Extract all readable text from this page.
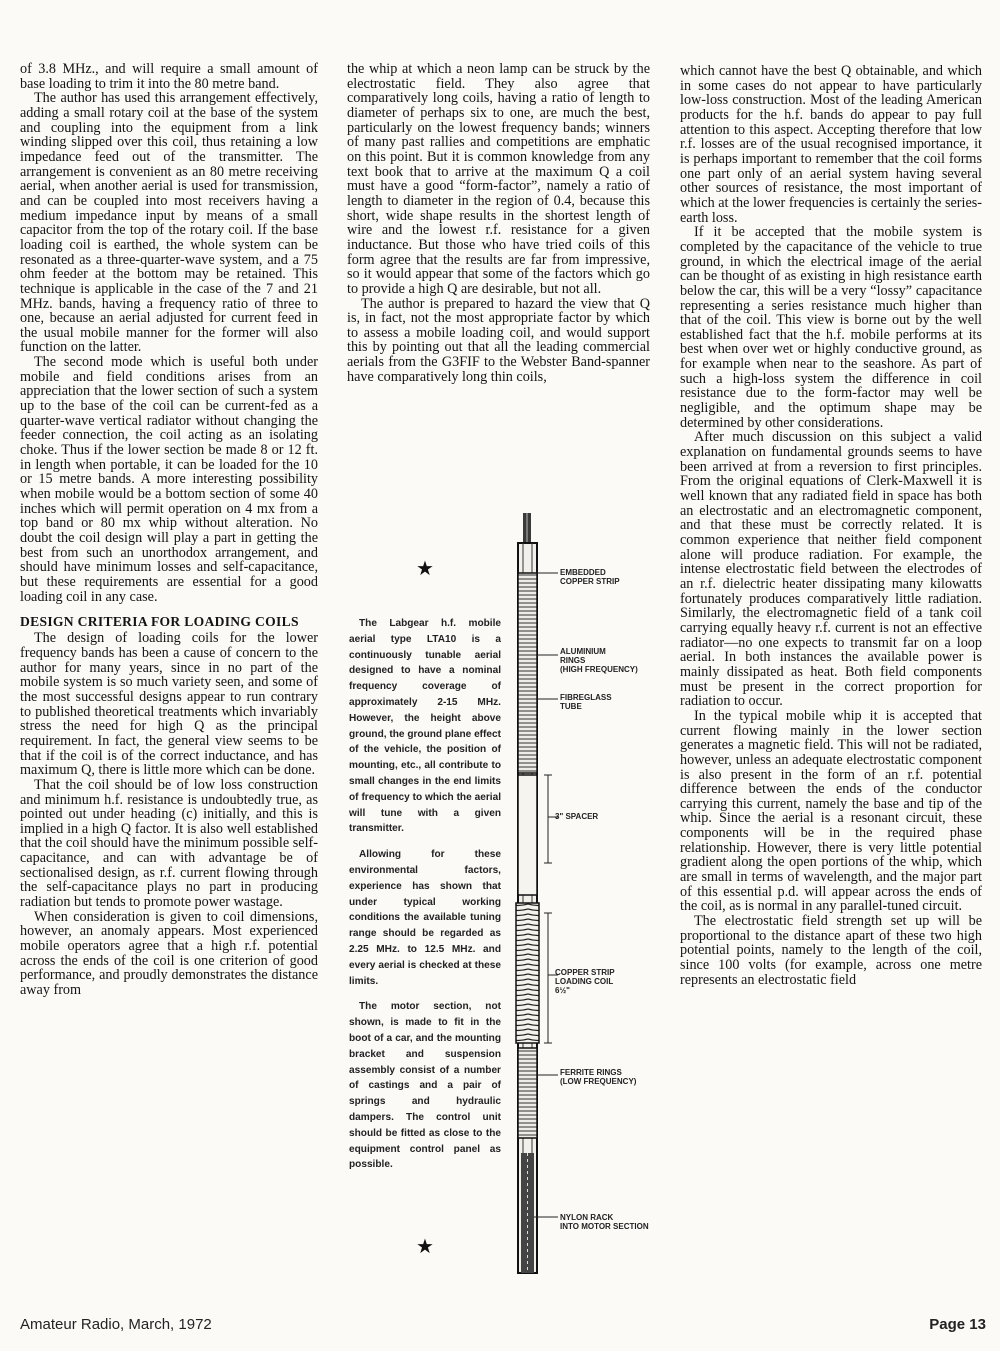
of 3.8 MHz., and will require a small amount of base loading to trim it into the 80 metre band.

The author has used this arrangement effectively, adding a small rotary coil at the base of the system and coupling into the equipment from a link winding slipped over this coil, thus retaining a low impedance feed out of the transmitter. The arrangement is convenient as an 80 metre receiving aerial, when another aerial is used for transmission, and can be coupled into most receivers having a medium impedance input by means of a small capacitor from the top of the rotary coil. If the base loading coil is earthed, the whole system can be resonated as a three-quarter-wave system, and a 75 ohm feeder at the bottom may be retained. This technique is applicable in the case of the 7 and 21 MHz. bands, having a frequency ratio of three to one, because an aerial adjusted for current feed in the usual mobile manner for the former will also function on the latter.

The second mode which is useful both under mobile and field conditions arises from an appreciation that the lower section of such a system up to the base of the coil can be current-fed as a quarter-wave vertical radiator without changing the feeder connection, the coil acting as an isolating choke. Thus if the lower section be made 8 or 12 ft. in length when portable, it can be loaded for the 10 or 15 metre bands. A more interesting possibility when mobile would be a bottom section of some 40 inches which will permit operation on 4 mx from a top band or 80 mx whip without alteration. No doubt the coil design will play a part in getting the best from such an unorthodox arrangement, and should have minimum losses and self-capacitance, but these requirements are essential for a good loading coil in any case.

DESIGN CRITERIA FOR LOADING COILS

The design of loading coils for the lower frequency bands has been a cause of concern to the author for many years, since in no part of the mobile system is so much variety seen, and some of the most successful designs appear to run contrary to published theoretical treatments which invariably stress the need for high Q as the principal requirement. In fact, the general view seems to be that if the coil is of the correct inductance, and has maximum Q, there is little more which can be done.

That the coil should be of low loss construction and minimum h.f. resistance is undoubtedly true, as pointed out under heading (c) initially, and this is implied in a high Q factor. It is also well established that the coil should have the minimum possible self-capacitance, and can with advantage be of sectionalised design, as r.f. current flowing through the self-capacitance plays no part in producing radiation but tends to promote power wastage.

When consideration is given to coil dimensions, however, an anomaly appears. Most experienced mobile operators agree that a high r.f. potential across the ends of the coil is one criterion of good performance, and proudly demonstrates the distance away from

the whip at which a neon lamp can be struck by the electrostatic field. They also agree that comparatively long coils, having a ratio of length to diameter of perhaps six to one, are much the best, particularly on the lowest frequency bands; winners of many past rallies and competitions are emphatic on this point. But it is common knowledge from any text book that to arrive at the maximum Q a coil must have a good “form-factor”, namely a ratio of length to diameter in the region of 0.4, because this short, wide shape results in the shortest length of wire and the lowest r.f. resistance for a given inductance. But those who have tried coils of this form agree that the results are far from impressive, so it would appear that some of the factors which go to provide a high Q are desirable, but not all.

The author is prepared to hazard the view that Q is, in fact, not the most appropriate factor by which to assess a mobile loading coil, and would support this by pointing out that all the leading commercial aerials from the G3FIF to the Webster Band-spanner have comparatively long thin coils,

which cannot have the best Q obtainable, and which in some cases do not appear to have particularly low-loss construction. Most of the leading American products for the h.f. bands do appear to pay full attention to this aspect. Accepting therefore that low r.f. losses are of the usual recognised importance, it is perhaps important to remember that the coil forms one part only of an aerial system having several other sources of resistance, the most important of which at the lower frequencies is certainly the series-earth loss.

If it be accepted that the mobile system is completed by the capacitance of the vehicle to true ground, in which the electrical image of the aerial can be thought of as existing in high resistance earth below the car, this will be a very “lossy” capacitance representing a series resistance much higher than that of the coil. This view is borne out by the well established fact that the h.f. mobile performs at its best when over wet or highly conductive ground, as for example when near to the seashore. As part of such a high-loss system the difference in coil resistance due to the form-factor may well be negligible, and the optimum shape may be determined by other considerations.

After much discussion on this subject a valid explanation on fundamental grounds seems to have been arrived at from a reversion to first principles. From the original equations of Clerk-Maxwell it is well known that any radiated field in space has both an electrostatic and an electromagnetic component, and that these must be correctly related. It is common experience that neither field component alone will produce radiation. For example, the intense electrostatic field between the electrodes of an r.f. dielectric heater dissipating many kilowatts fortunately produces comparatively little radiation. Similarly, the electromagnetic field of a tank coil carrying equally heavy r.f. current is not an effective radiator—no one expects to transmit far on a loop aerial. In both instances the available power is mainly dissipated as heat. Both field components must be present in the correct proportion for radiation to occur.

In the typical mobile whip it is accepted that current flowing mainly in the lower section generates a magnetic field. This will not be radiated, however, unless an adequate electrostatic component is also present in the form of an r.f. potential difference between the ends of the conductor carrying this current, namely the base and tip of the whip. Since the aerial is a resonant circuit, these components will be in the required phase relationship. However, there is very little potential gradient along the open portions of the whip, which are small in terms of wavelength, and the major part of this essential p.d. will appear across the ends of the coil, as is normal in any parallel-tuned circuit.

The electrostatic field strength set up will be proportional to the distance apart of these two high potential points, namely to the length of the coil, since 100 volts (for example, across one metre represents an electrostatic field

★

The Labgear h.f. mobile aerial type LTA10 is a continuously tunable aerial designed to have a nominal frequency coverage of approximately 2-15 MHz. However, the height above ground, the ground plane effect of the vehicle, the position of mounting, etc., all contribute to small changes in the end limits of frequency to which the aerial will tune with a given transmitter.

Allowing for these environmental factors, experience has shown that under typical working conditions the available tuning range should be regarded as 2.25 MHz. to 12.5 MHz. and every aerial is checked at these limits.

The motor section, not shown, is made to fit in the boot of a car, and the mounting bracket and suspension assembly consist of a number of castings and a pair of springs and hydraulic dampers. The control unit should be fitted as close to the equipment control panel as possible.

★
EMBEDDED
COPPER STRIP
ALUMINIUM
RINGS
(HIGH FREQUENCY)
FIBREGLASS
TUBE
3" SPACER
COPPER STRIP
LOADING COIL
6½"
FERRITE RINGS
(LOW FREQUENCY)
NYLON RACK
INTO MOTOR SECTION
Amateur Radio, March, 1972	Page 13
